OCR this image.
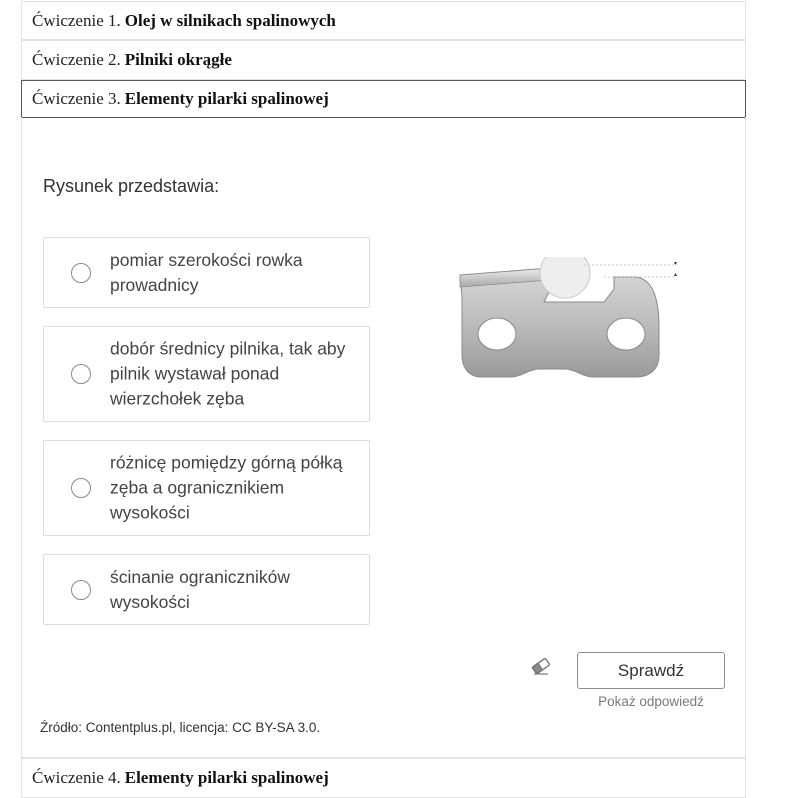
Ćwiczenie 1. Olej w silnikach spalinowych
Ćwiczenie 2. Pilniki okrągłe
Ćwiczenie 3. Elementy pilarki spalinowej
Rysunek przedstawia:
pomiar szerokości rowka prowadnicy
dobór średnicy pilnika, tak aby pilnik wystawał ponad wierzchołek zęba
różnicę pomiędzy górną półką zęba a ogranicznikiem wysokości
ścinanie ograniczników wysokości
Sprawdź
Pokaż odpowiedź
Źródło: Contentplus.pl, licencja: CC BY-SA 3.0.
Ćwiczenie 4. Elementy pilarki spalinowej
